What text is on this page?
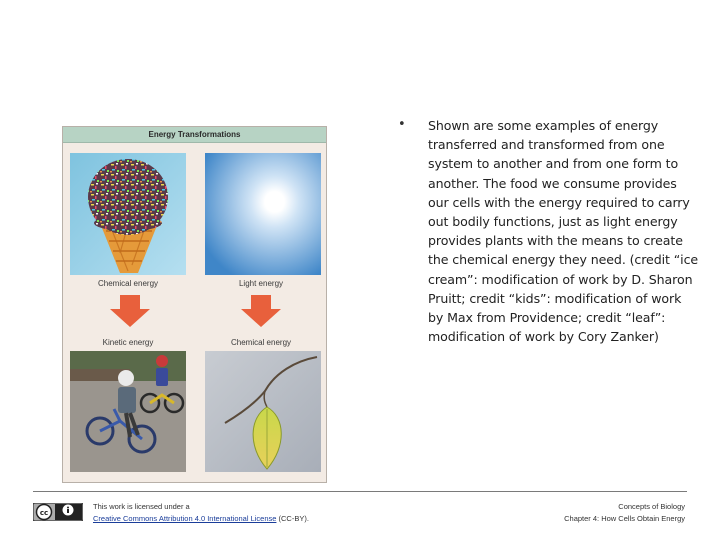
Energy Transformations
Chemical energy	Light energy
Kinetic energy	Chemical energy
• Shown are some examples of energy transferred and transformed from one system to another and from one form to another. The food we consume provides our cells with the energy required to carry out bodily functions, just as light energy provides plants with the means to create the chemical energy they need. (credit “ice cream”: modification of work by D. Sharon Pruitt; credit “kids”: modification of work by Max from Providence; credit “leaf”: modification of work by Cory Zanker)
cc
This work is licensed under a
Creative Commons Attribution 4.0 International License (CC-BY).
Concepts of Biology
Chapter 4: How Cells Obtain Energy
